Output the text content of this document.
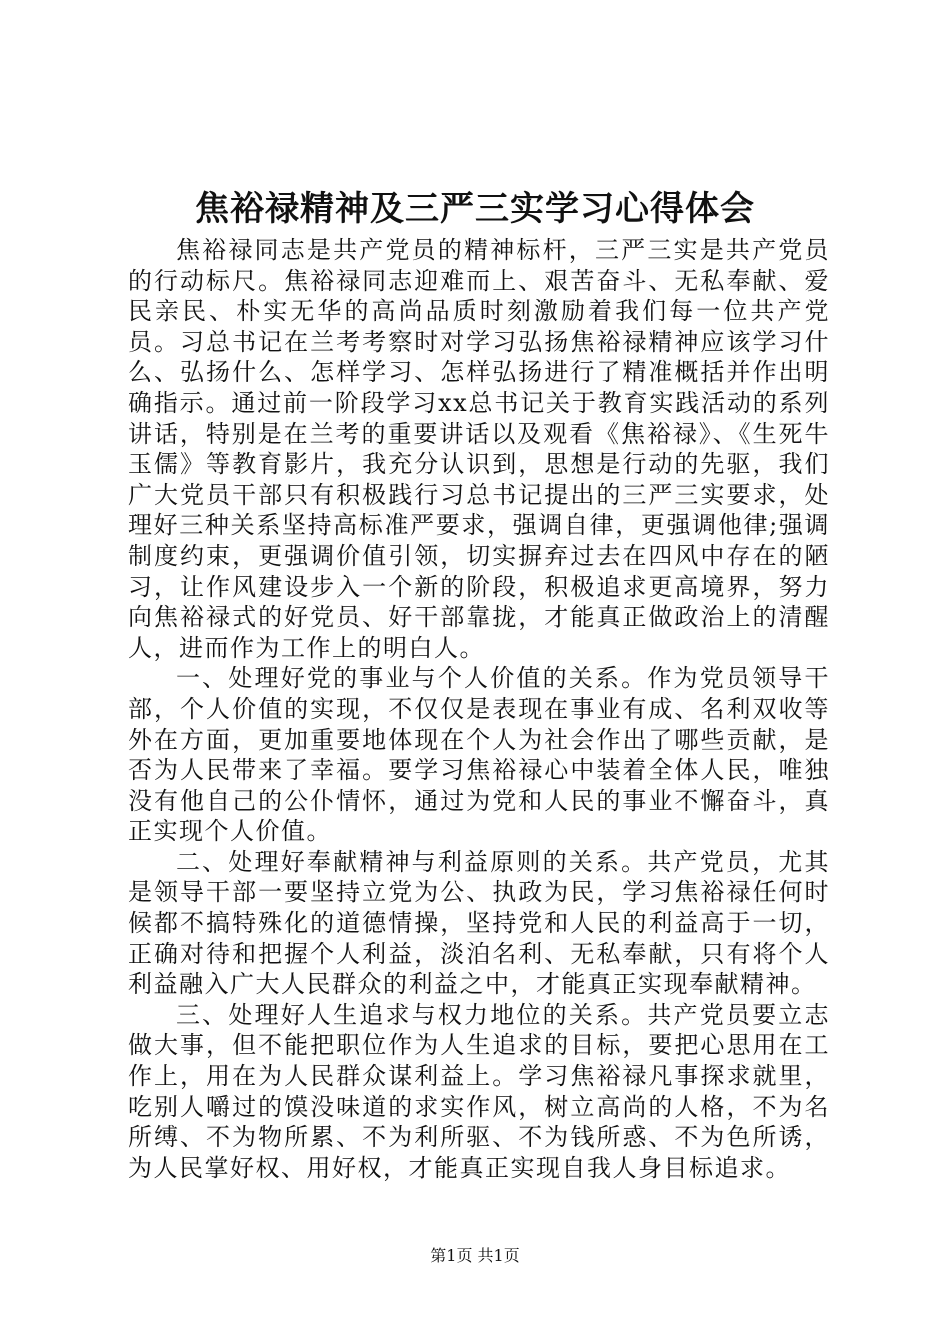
焦裕禄精神及三严三实学习心得体会

焦裕禄同志是共产党员的精神标杆，三严三实是共产党员的行动标尺。焦裕禄同志迎难而上、艰苦奋斗、无私奉献、爱民亲民、朴实无华的高尚品质时刻激励着我们每一位共产党员。习总书记在兰考考察时对学习弘扬焦裕禄精神应该学习什么、弘扬什么、怎样学习、怎样弘扬进行了精准概括并作出明确指示。通过前一阶段学习xx总书记关于教育实践活动的系列讲话，特别是在兰考的重要讲话以及观看《焦裕禄》、《生死牛玉儒》等教育影片，我充分认识到，思想是行动的先驱，我们广大党员干部只有积极践行习总书记提出的三严三实要求，处理好三种关系坚持高标准严要求，强调自律，更强调他律;强调制度约束，更强调价值引领，切实摒弃过去在四风中存在的陋习，让作风建设步入一个新的阶段，积极追求更高境界，努力向焦裕禄式的好党员、好干部靠拢，才能真正做政治上的清醒人，进而作为工作上的明白人。

一、处理好党的事业与个人价值的关系。作为党员领导干部，个人价值的实现，不仅仅是表现在事业有成、名利双收等外在方面，更加重要地体现在个人为社会作出了哪些贡献，是否为人民带来了幸福。要学习焦裕禄心中装着全体人民，唯独没有他自己的公仆情怀，通过为党和人民的事业不懈奋斗，真正实现个人价值。

二、处理好奉献精神与利益原则的关系。共产党员，尤其是领导干部一要坚持立党为公、执政为民，学习焦裕禄任何时候都不搞特殊化的道德情操，坚持党和人民的利益高于一切，正确对待和把握个人利益，淡泊名利、无私奉献，只有将个人利益融入广大人民群众的利益之中，才能真正实现奉献精神。

三、处理好人生追求与权力地位的关系。共产党员要立志做大事，但不能把职位作为人生追求的目标，要把心思用在工作上，用在为人民群众谋利益上。学习焦裕禄凡事探求就里，吃别人嚼过的馍没味道的求实作风，树立高尚的人格，不为名所缚、不为物所累、不为利所驱、不为钱所惑、不为色所诱，为人民掌好权、用好权，才能真正实现自我人身目标追求。

第1页 共1页
